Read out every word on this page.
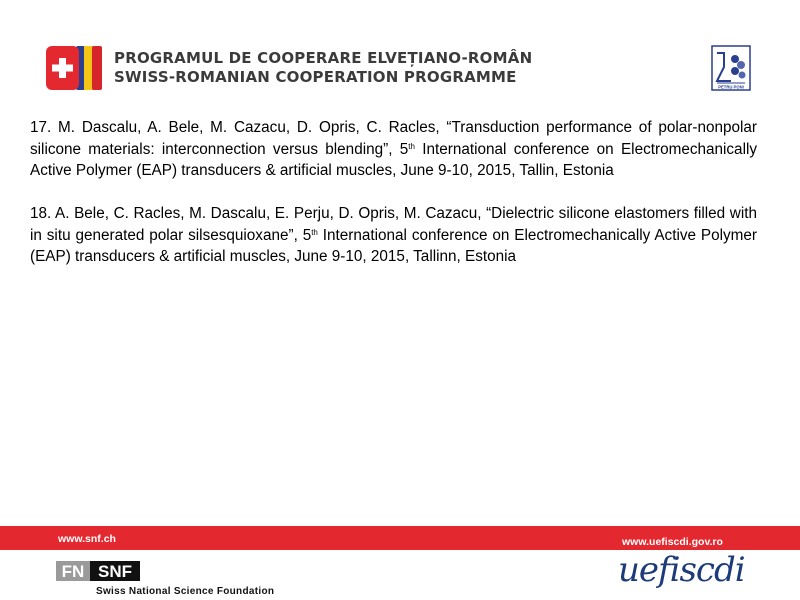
PROGRAMUL DE COOPERARE ELVEȚIANO-ROMÂN
SWISS-ROMANIAN COOPERATION PROGRAMME
PETRU PONI

17. M. Dascalu, A. Bele, M. Cazacu, D. Opris, C. Racles, “Transduction performance of polar-nonpolar silicone materials: interconnection versus blending”, 5th International conference on Electromechanically Active Polymer (EAP) transducers & artificial muscles, June 9-10, 2015, Tallin, Estonia

18. A. Bele, C. Racles, M. Dascalu, E. Perju, D. Opris, M. Cazacu, “Dielectric silicone elastomers filled with in situ generated polar silsesquioxane”, 5th International conference on Electromechanically Active Polymer (EAP) transducers & artificial muscles, June 9-10, 2015, Tallinn, Estonia

www.snf.ch	www.uefiscdi.gov.ro
FN SNF
Swiss National Science Foundation
uefiscdi
